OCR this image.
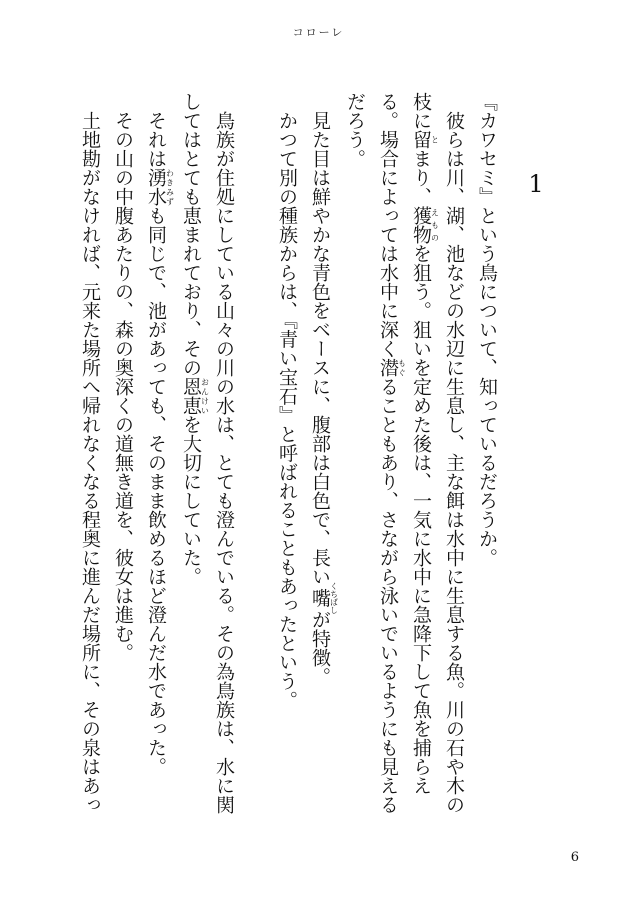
コローレ
1

『カワセミ』という鳥について、知っているだろうか。

彼らは川、湖、池などの水辺に生息し、主な餌は水中に生息する魚。川の石や木の枝に留とまり、獲物えものを狙う。狙いを定めた後は、一気に水中に急降下して魚を捕らえる。場合によっては水中に深く潜もぐることもあり、さながら泳いでいるようにも見えるだろう。

見た目は鮮やかな青色をベースに、腹部は白色で、長い嘴くちばしが特徴。

かつて別の種族からは、『青い宝石』と呼ばれることもあったという。

鳥族が住処にしている山々の川の水は、とても澄んでいる。その為鳥族は、水に関してはとても恵まれており、その恩恵おんけいを大切にしていた。

それは湧水わきみずも同じで、池があっても、そのまま飲めるほど澄んだ水であった。

その山の中腹あたりの、森の奥深くの道無き道を、彼女は進む。

土地勘がなければ、元来た場所へ帰れなくなる程奥に進んだ場所に、その泉はあっ

6
